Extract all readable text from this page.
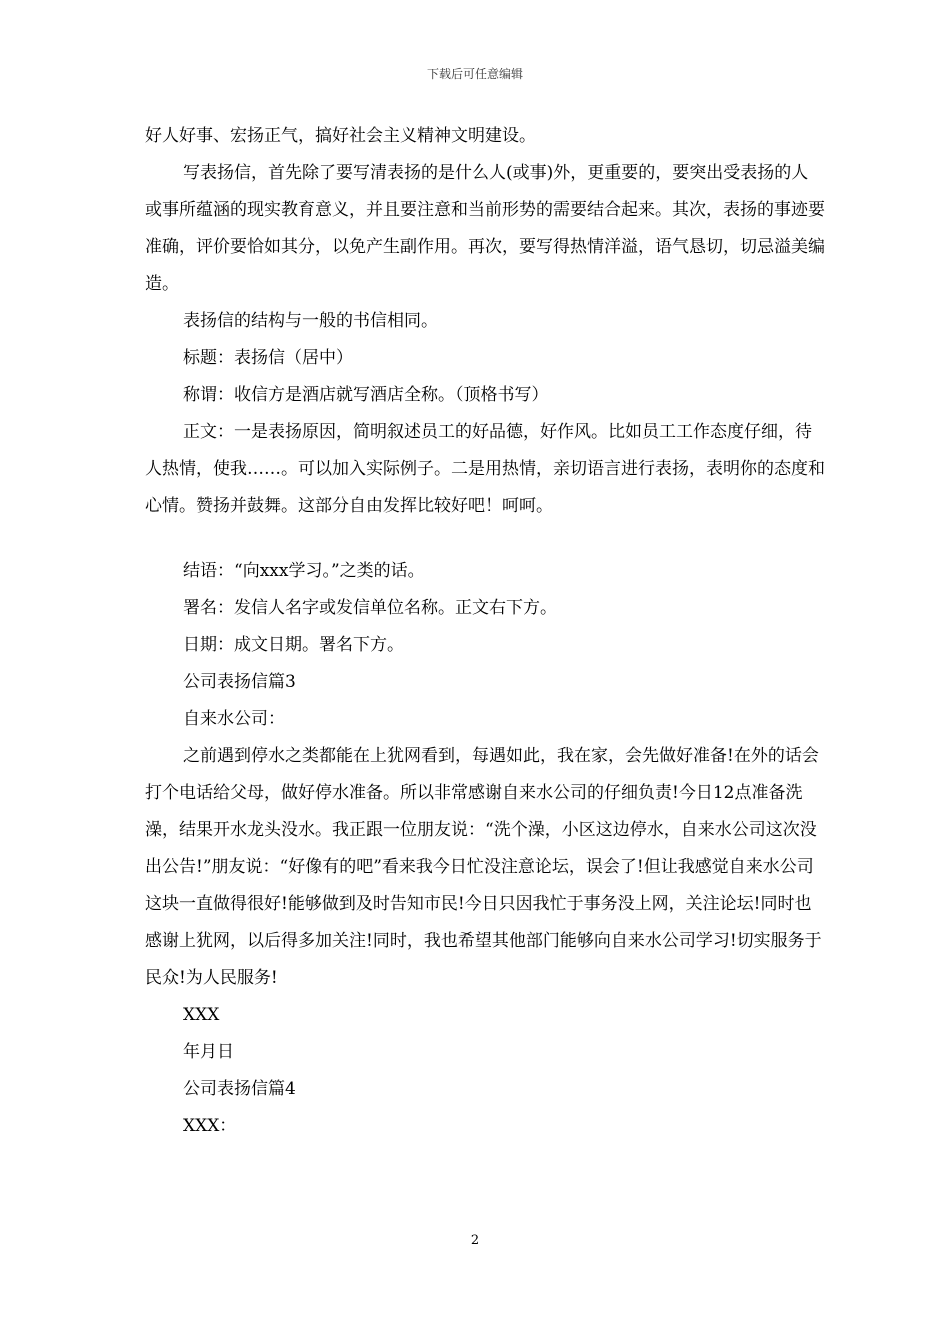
下载后可任意编辑

好人好事、宏扬正气，搞好社会主义精神文明建设。

写表扬信，首先除了要写清表扬的是什么人(或事)外，更重要的，要突出受表扬的人或事所蕴涵的现实教育意义，并且要注意和当前形势的需要结合起来。其次，表扬的事迹要准确，评价要恰如其分，以免产生副作用。再次，要写得热情洋溢，语气恳切，切忌溢美编造。

表扬信的结构与一般的书信相同。

标题：表扬信（居中）

称谓：收信方是酒店就写酒店全称。（顶格书写）

正文：一是表扬原因，简明叙述员工的好品德，好作风。比如员工工作态度仔细，待人热情，使我……。可以加入实际例子。二是用热情，亲切语言进行表扬，表明你的态度和心情。赞扬并鼓舞。这部分自由发挥比较好吧！呵呵。

结语：“向xxx学习。”之类的话。

署名：发信人名字或发信单位名称。正文右下方。

日期：成文日期。署名下方。

公司表扬信篇3

自来水公司：

之前遇到停水之类都能在上犹网看到，每遇如此，我在家，会先做好准备!在外的话会打个电话给父母，做好停水准备。所以非常感谢自来水公司的仔细负责!今日12点准备洗澡，结果开水龙头没水。我正跟一位朋友说：“洗个澡，小区这边停水，自来水公司这次没出公告!”朋友说：“好像有的吧”看来我今日忙没注意论坛，误会了!但让我感觉自来水公司这块一直做得很好!能够做到及时告知市民!今日只因我忙于事务没上网，关注论坛!同时也感谢上犹网，以后得多加关注!同时，我也希望其他部门能够向自来水公司学习!切实服务于民众!为人民服务!

XXX

年月日

公司表扬信篇4

XXX：

2
